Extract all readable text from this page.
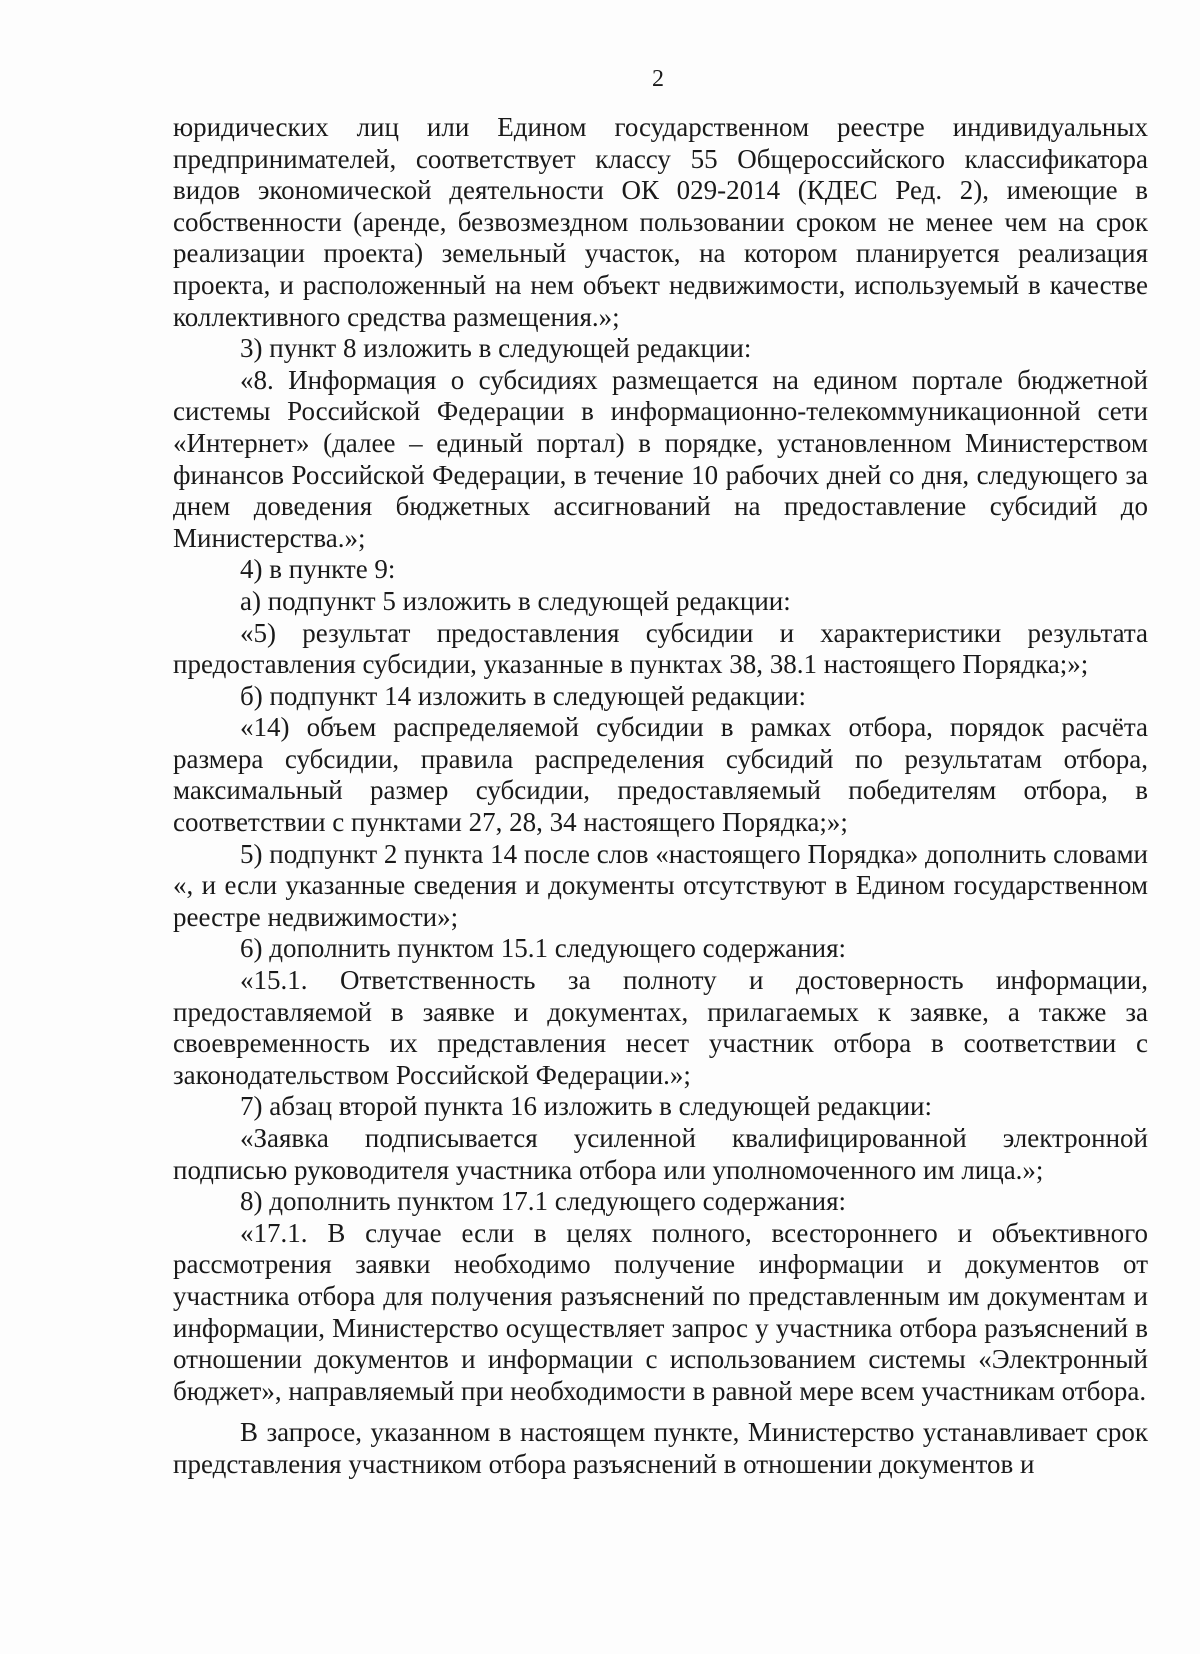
2

юридических лиц или Едином государственном реестре индивидуальных предпринимателей, соответствует классу 55 Общероссийского классификатора видов экономической деятельности ОК 029-2014 (КДЕС Ред. 2), имеющие в собственности (аренде, безвозмездном пользовании сроком не менее чем на срок реализации проекта) земельный участок, на котором планируется реализация проекта, и расположенный на нем объект недвижимости, используемый в качестве коллективного средства размещения.»;

3) пункт 8 изложить в следующей редакции:

«8. Информация о субсидиях размещается на едином портале бюджетной системы Российской Федерации в информационно-телекоммуникационной сети «Интернет» (далее – единый портал) в порядке, установленном Министерством финансов Российской Федерации, в течение 10 рабочих дней со дня, следующего за днем доведения бюджетных ассигнований на предоставление субсидий до Министерства.»;

4) в пункте 9:

а) подпункт 5 изложить в следующей редакции:

«5) результат предоставления субсидии и характеристики результата предоставления субсидии, указанные в пунктах 38, 38.1 настоящего Порядка;»;

б) подпункт 14 изложить в следующей редакции:

«14) объем распределяемой субсидии в рамках отбора, порядок расчёта размера субсидии, правила распределения субсидий по результатам отбора, максимальный размер субсидии, предоставляемый победителям отбора, в соответствии с пунктами 27, 28, 34 настоящего Порядка;»;

5) подпункт 2 пункта 14 после слов «настоящего Порядка» дополнить словами «, и если указанные сведения и документы отсутствуют в Едином государственном реестре недвижимости»;

6) дополнить пунктом 15.1 следующего содержания:

«15.1. Ответственность за полноту и достоверность информации, предоставляемой в заявке и документах, прилагаемых к заявке, а также за своевременность их представления несет участник отбора в соответствии с законодательством Российской Федерации.»;

7) абзац второй пункта 16 изложить в следующей редакции:

«Заявка подписывается усиленной квалифицированной электронной подписью руководителя участника отбора или уполномоченного им лица.»;

8) дополнить пунктом 17.1 следующего содержания:

«17.1. В случае если в целях полного, всестороннего и объективного рассмотрения заявки необходимо получение информации и документов от участника отбора для получения разъяснений по представленным им документам и информации, Министерство осуществляет запрос у участника отбора разъяснений в отношении документов и информации с использованием системы «Электронный бюджет», направляемый при необходимости в равной мере всем участникам отбора.

В запросе, указанном в настоящем пункте, Министерство устанавливает срок представления участником отбора разъяснений в отношении документов и
